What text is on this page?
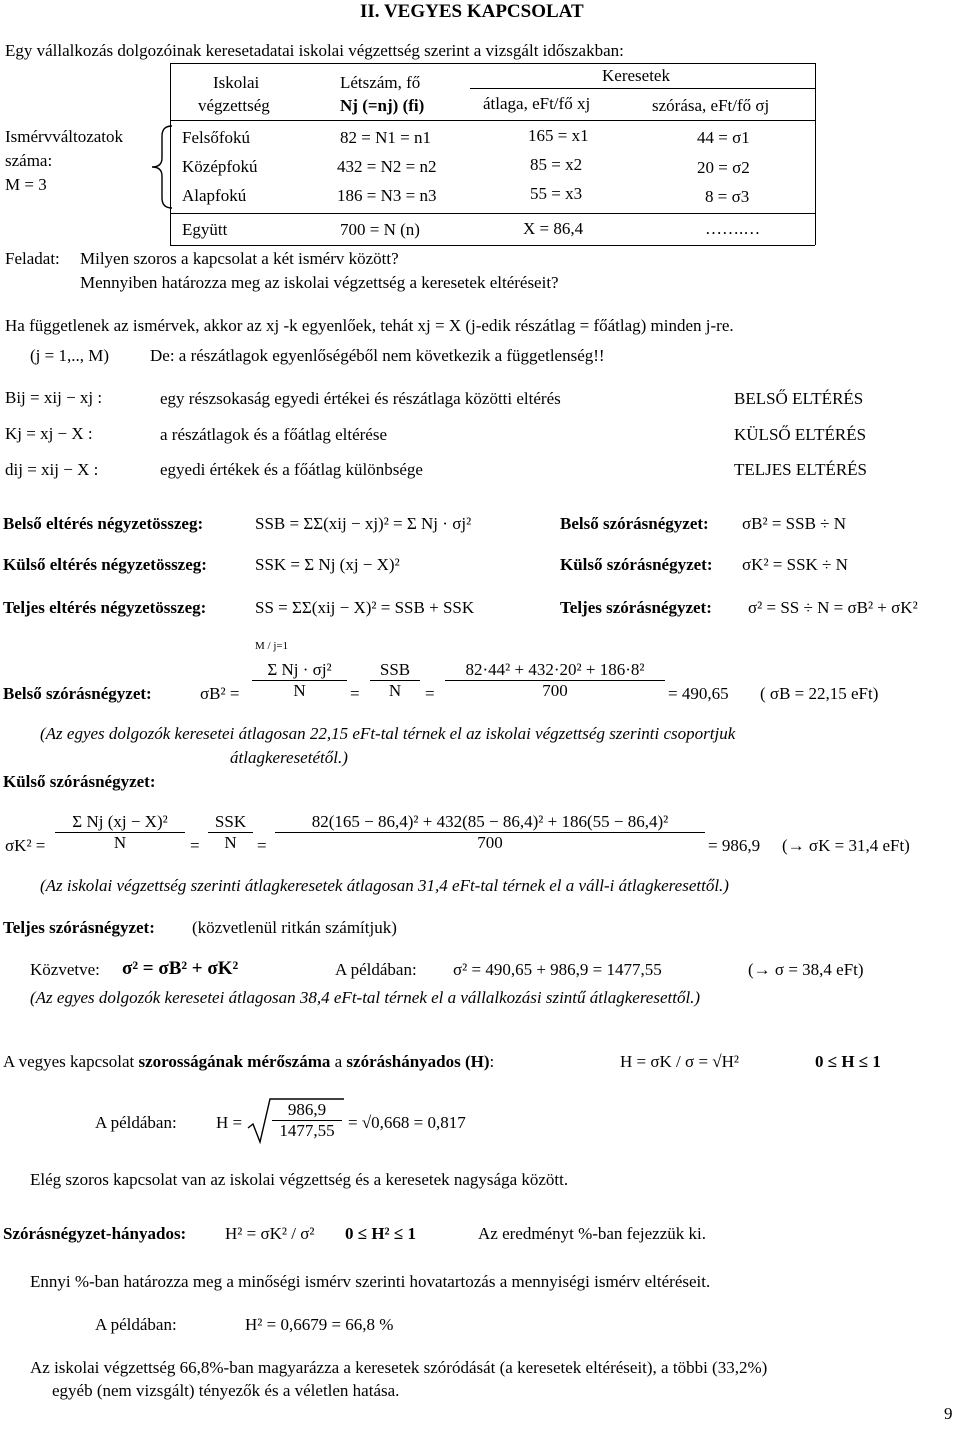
II. VEGYES KAPCSOLAT
Egy vállalkozás dolgozóinak keresetadatai iskolai végzettség szerint a vizsgált időszakban:
Iskolai
végzettség
Létszám, fő
Nj (=nj) (fi)
Keresetek
átlaga, eFt/fő xj	szórása, eFt/fő σj
Ismérvváltozatok
száma:
M = 3
Felsőfokú	82 = N1 = n1	165 = x1	44 = σ1
Középfokú	432 = N2 = n2	85 = x2	20 = σ2
Alapfokú	186 = N3 = n3	55 = x3	8 = σ3
Együtt	700 = N (n)	X = 86,4	…….…
Feladat: Milyen szoros a kapcsolat a két ismérv között?
Mennyiben határozza meg az iskolai végzettség a keresetek eltéréseit?
Ha függetlenek az ismérvek, akkor az xj -k egyenlőek, tehát xj = X (j-edik részátlag = főátlag) minden j-re.
(j = 1,.., M) De: a részátlagok egyenlőségéből nem következik a függetlenség!!
Bij = xij − xj :	egy részsokaság egyedi értékei és részátlaga közötti eltérés	BELSŐ ELTÉRÉS
Kj = xj − X :	a részátlagok és a főátlag eltérése	KÜLSŐ ELTÉRÉS
dij = xij − X :	egyedi értékek és a főátlag különbsége	TELJES ELTÉRÉS
Belső eltérés négyzetösszeg:	SSB = ΣΣ(xij − xj)² = Σ Nj · σj²	Belső szórásnégyzet: σB² = SSB ÷ N
Külső eltérés négyzetösszeg:	SSK = Σ Nj (xj − X)²	Külső szórásnégyzet: σK² = SSK ÷ N
Teljes eltérés négyzetösszeg:	SS = ΣΣ(xij − X)² = SSB + SSK	Teljes szórásnégyzet: σ² = SS ÷ N = σB² + σK²
Belső szórásnégyzet:	σB² =
M / j=1
$\frac{\text{Σ Nj · σj²}}{N}$ =
SSB
N	= $\frac{\text{82·44² + 432·20² + 186·8²}}{700} = 490,65$ ( σB = 22,15 eFt)
(Az egyes dolgozók keresetei átlagosan 22,15 eFt-tal térnek el az iskolai végzettség szerinti csoportjuk
átlagkeresetétől.)
Külső szórásnégyzet:
$\sigma K^2 = \frac{\text{Σ Nj (xj − X)²}}{N}$ =
SSK
N	= $\frac{\text{82(165 − 86,4)² + 432(85 − 86,4)² + 186(55 − 86,4)²}}{700} = 986,9$ (→ σK = 31,4 eFt)
(Az iskolai végzettség szerinti átlagkeresetek átlagosan 31,4 eFt-tal térnek el a váll-i átlagkeresettől.)
Teljes szórásnégyzet: (közvetlenül ritkán számítjuk)
Közvetve: σ² = σB² + σK²	A példában: σ² = 490,65 + 986,9 = 1477,55	(→ σ = 38,4 eFt)
(Az egyes dolgozók keresetei átlagosan 38,4 eFt-tal térnek el a vállalkozási szintű átlagkeresettől.)
A vegyes kapcsolat szorosságának mérőszáma a szóráshányados (H):	H = σK / σ = √H²	0 ≤ H ≤ 1
A példában: $H = \frac{986,9}{1477,55} = √0,668 = 0,817$
Elég szoros kapcsolat van az iskolai végzettség és a keresetek nagysága között.
Szórásnégyzet-hányados: H² = σK² / σ² 0 ≤ H² ≤ 1	Az eredményt %-ban fejezzük ki.
Ennyi %-ban határozza meg a minőségi ismérv szerinti hovatartozás a mennyiségi ismérv eltéréseit.
A példában:	H² = 0,6679 = 66,8 %
Az iskolai végzettség 66,8%-ban magyarázza a keresetek szóródását (a keresetek eltéréseit), a többi (33,2%)
egyéb (nem vizsgált) tényezők és a véletlen hatása.
9
